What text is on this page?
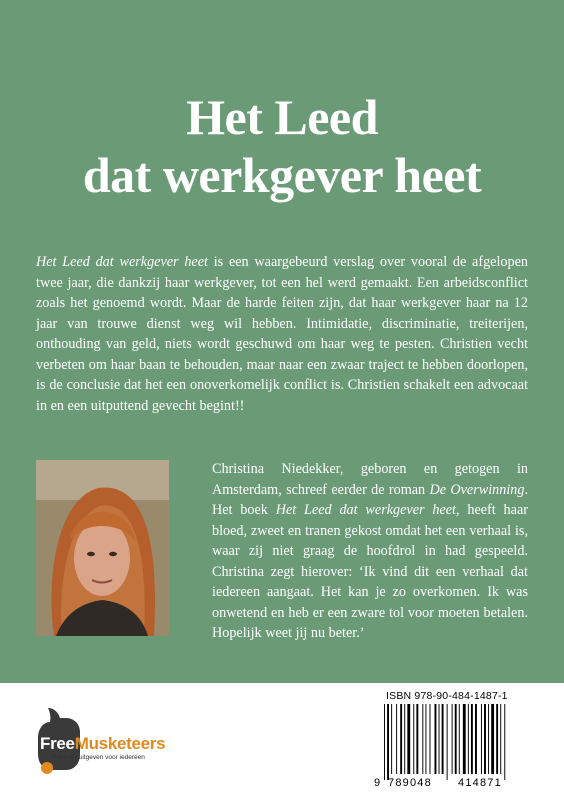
Het Leed
dat werkgever heet

Het Leed dat werkgever heet is een waargebeurd verslag over vooral de afgelopen twee jaar, die dankzij haar werkgever, tot een hel werd gemaakt. Een arbeidsconflict zoals het genoemd wordt. Maar de harde feiten zijn, dat haar werkgever haar na 12 jaar van trouwe dienst weg wil hebben. Intimidatie, discriminatie, treiterijen, onthouding van geld, niets wordt geschuwd om haar weg te pesten. Christien vecht verbeten om haar baan te behouden, maar naar een zwaar traject te hebben doorlopen, is de conclusie dat het een onoverkomelijk conflict is. Christien schakelt een advocaat in en een uitputtend gevecht begint!!

Christina Niedekker, geboren en getogen in Amsterdam, schreef eerder de roman De Overwinning. Het boek Het Leed dat werkgever heet, heeft haar bloed, zweet en tranen gekost omdat het een verhaal is, waar zij niet graag de hoofdrol in had gespeeld. Christina zegt hierover: ‘Ik vind dit een verhaal dat iedereen aangaat. Het kan je zo overkomen. Ik was onwetend en heb er een zware tol voor moeten betalen. Hopelijk weet jij nu beter.’

FreeMusketeers
Kans rijk uitgeven voor iedereen
ISBN 978-90-484-1487-1
9 789048 414871
